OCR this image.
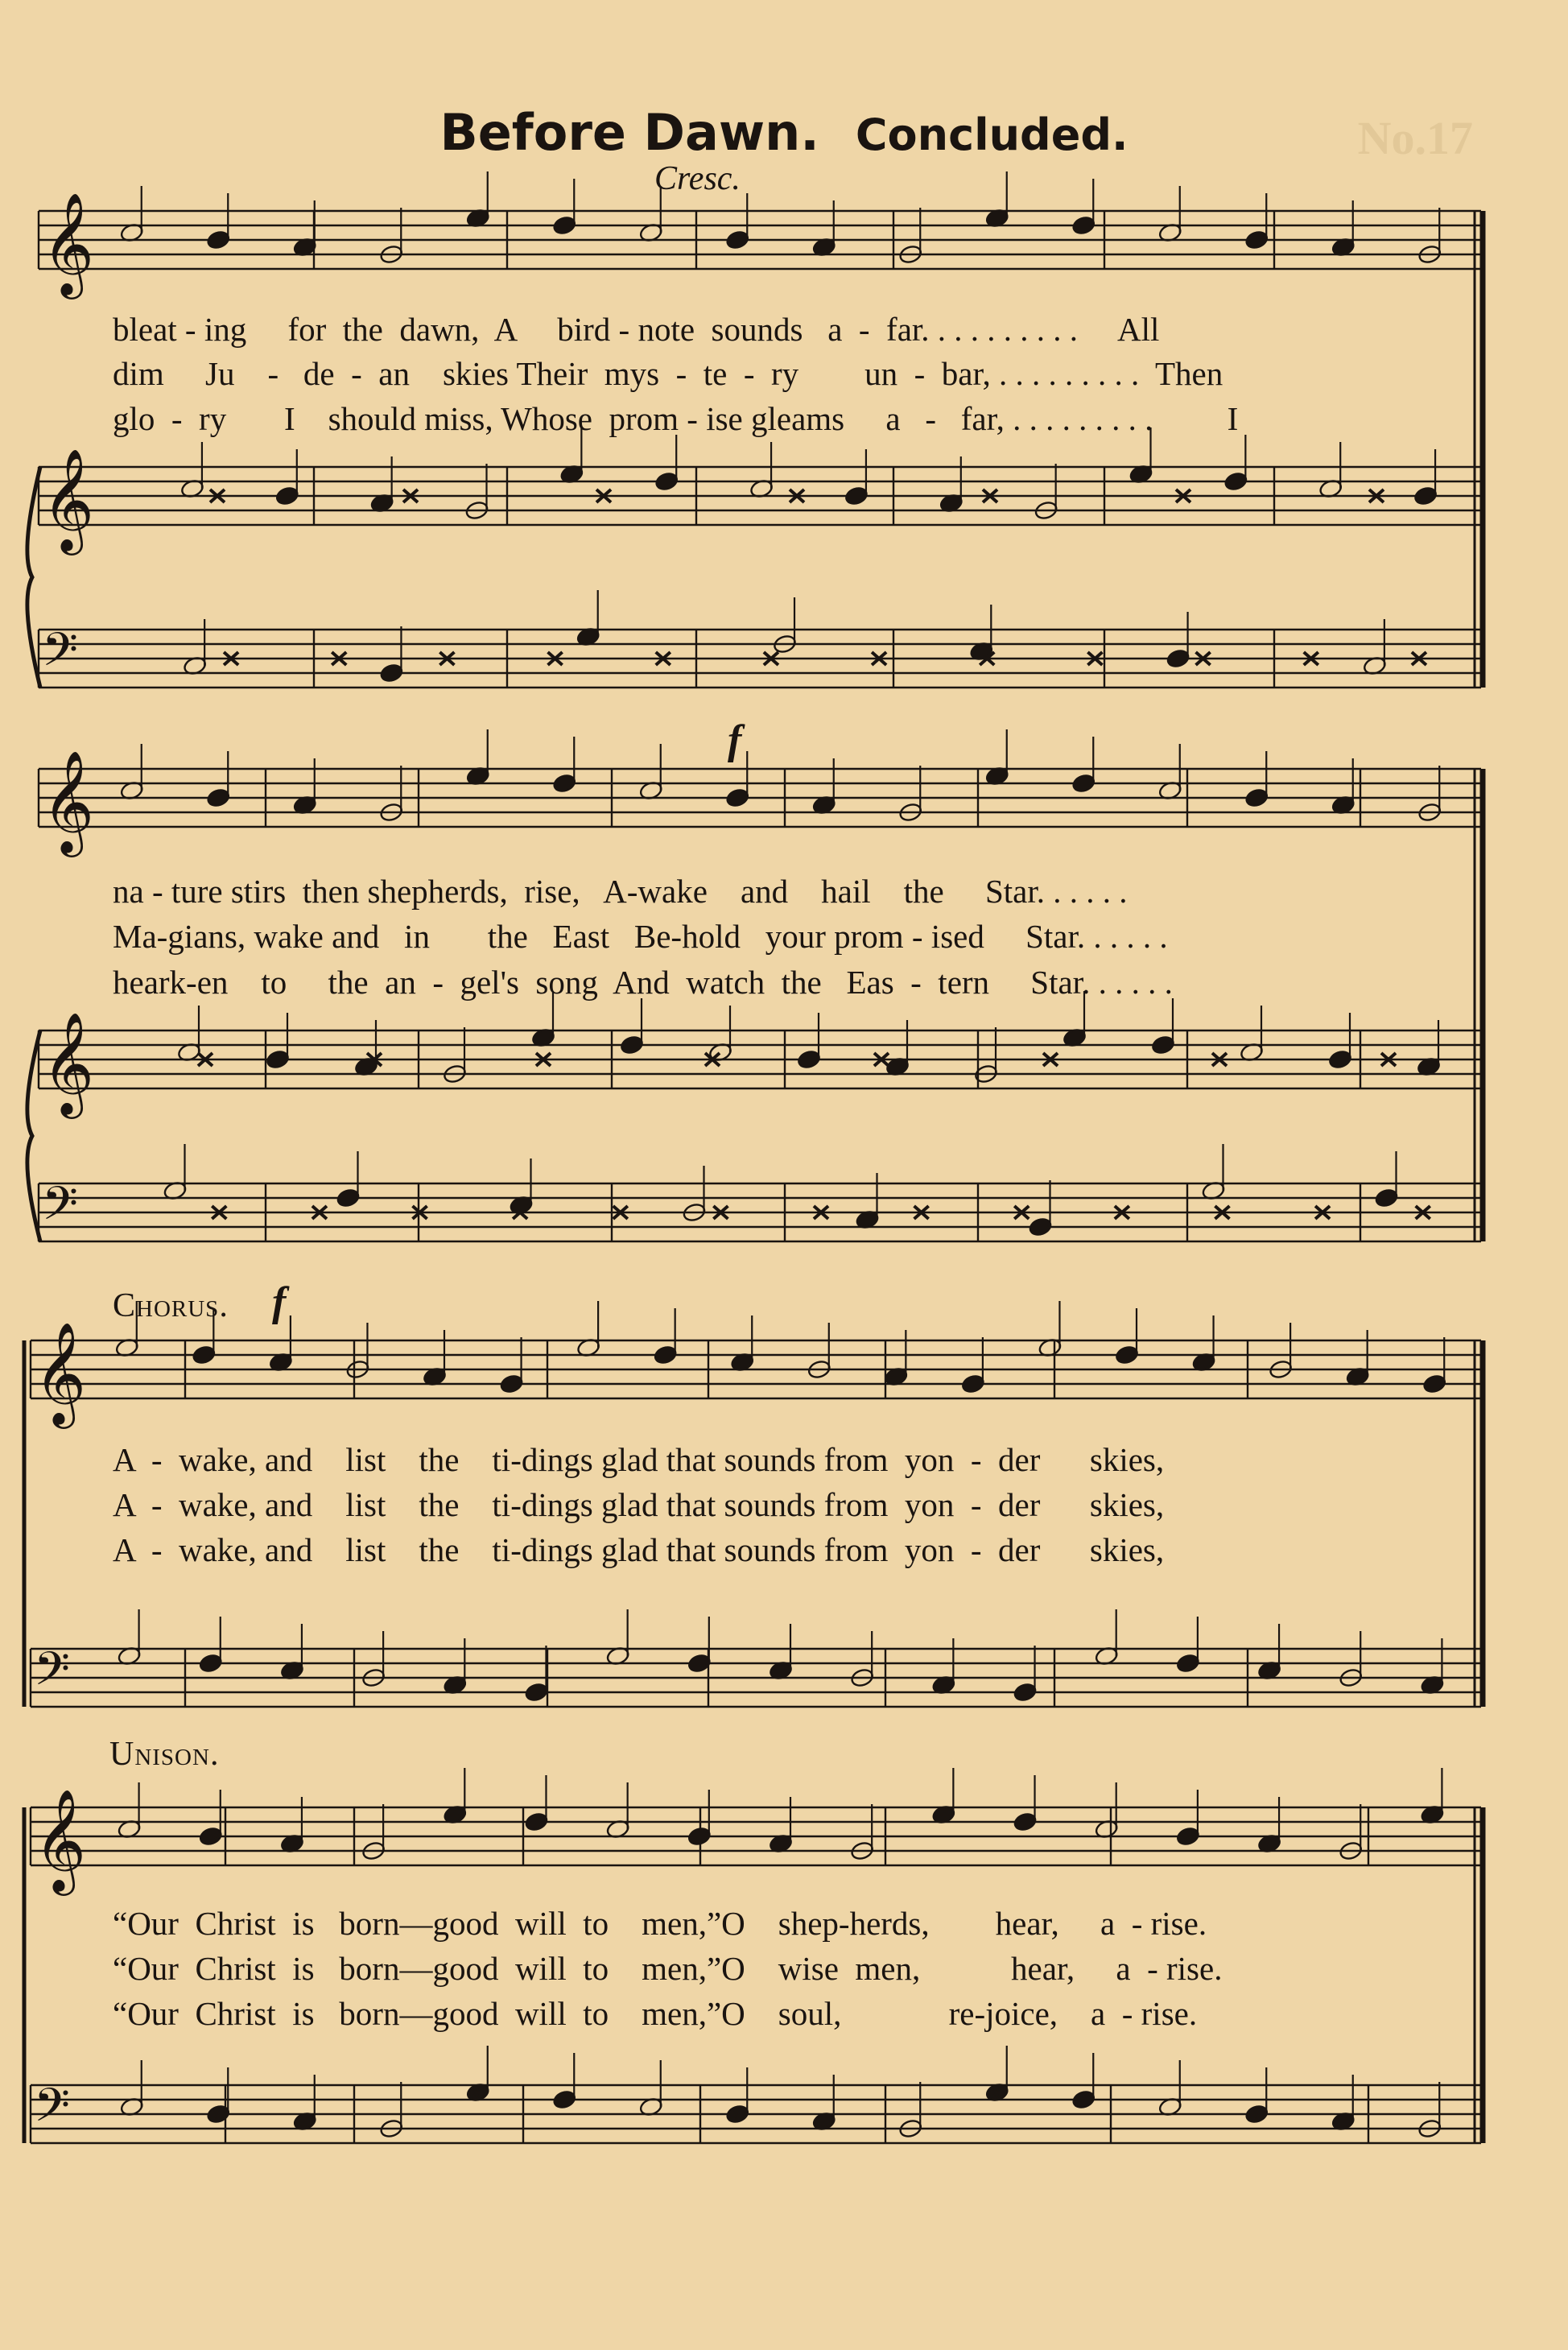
No.17
Before Dawn. Concluded.
Cresc.
f
Chorus. f
Unison.
bleat - ing     for  the  dawn,  A     bird - note  sounds   a  -  far. . . . . . . . . .     All
dim     Ju    -   de  -  an    skies Their  mys  -  te  -  ry        un  -  bar, . . . . . . . . .  Then
glo  -  ry       I    should miss, Whose  prom - ise gleams     a   -   far, . . . . . . . . .         I
na - ture stirs  then shepherds,  rise,   A-wake    and    hail    the     Star. . . . . .
Ma-gians, wake and   in       the   East   Be-hold   your prom - ised     Star. . . . . .
heark-en    to     the  an  -  gel's  song  And  watch  the   Eas  -  tern     Star. . . . . .
A  -  wake, and    list    the    ti-dings glad that sounds from  yon  -  der      skies,
A  -  wake, and    list    the    ti-dings glad that sounds from  yon  -  der      skies,
A  -  wake, and    list    the    ti-dings glad that sounds from  yon  -  der      skies,
“Our  Christ  is   born—good  will  to    men,”O    shep-herds,        hear,     a  - rise.
“Our  Christ  is   born—good  will  to    men,”O    wise  men,           hear,     a  - rise.
“Our  Christ  is   born—good  will  to    men,”O    soul,             re-joice,    a  - rise.
𝄞
𝄞
𝄢
𝄞
𝄞
𝄢
𝄞
𝄢
𝄞
𝄢
